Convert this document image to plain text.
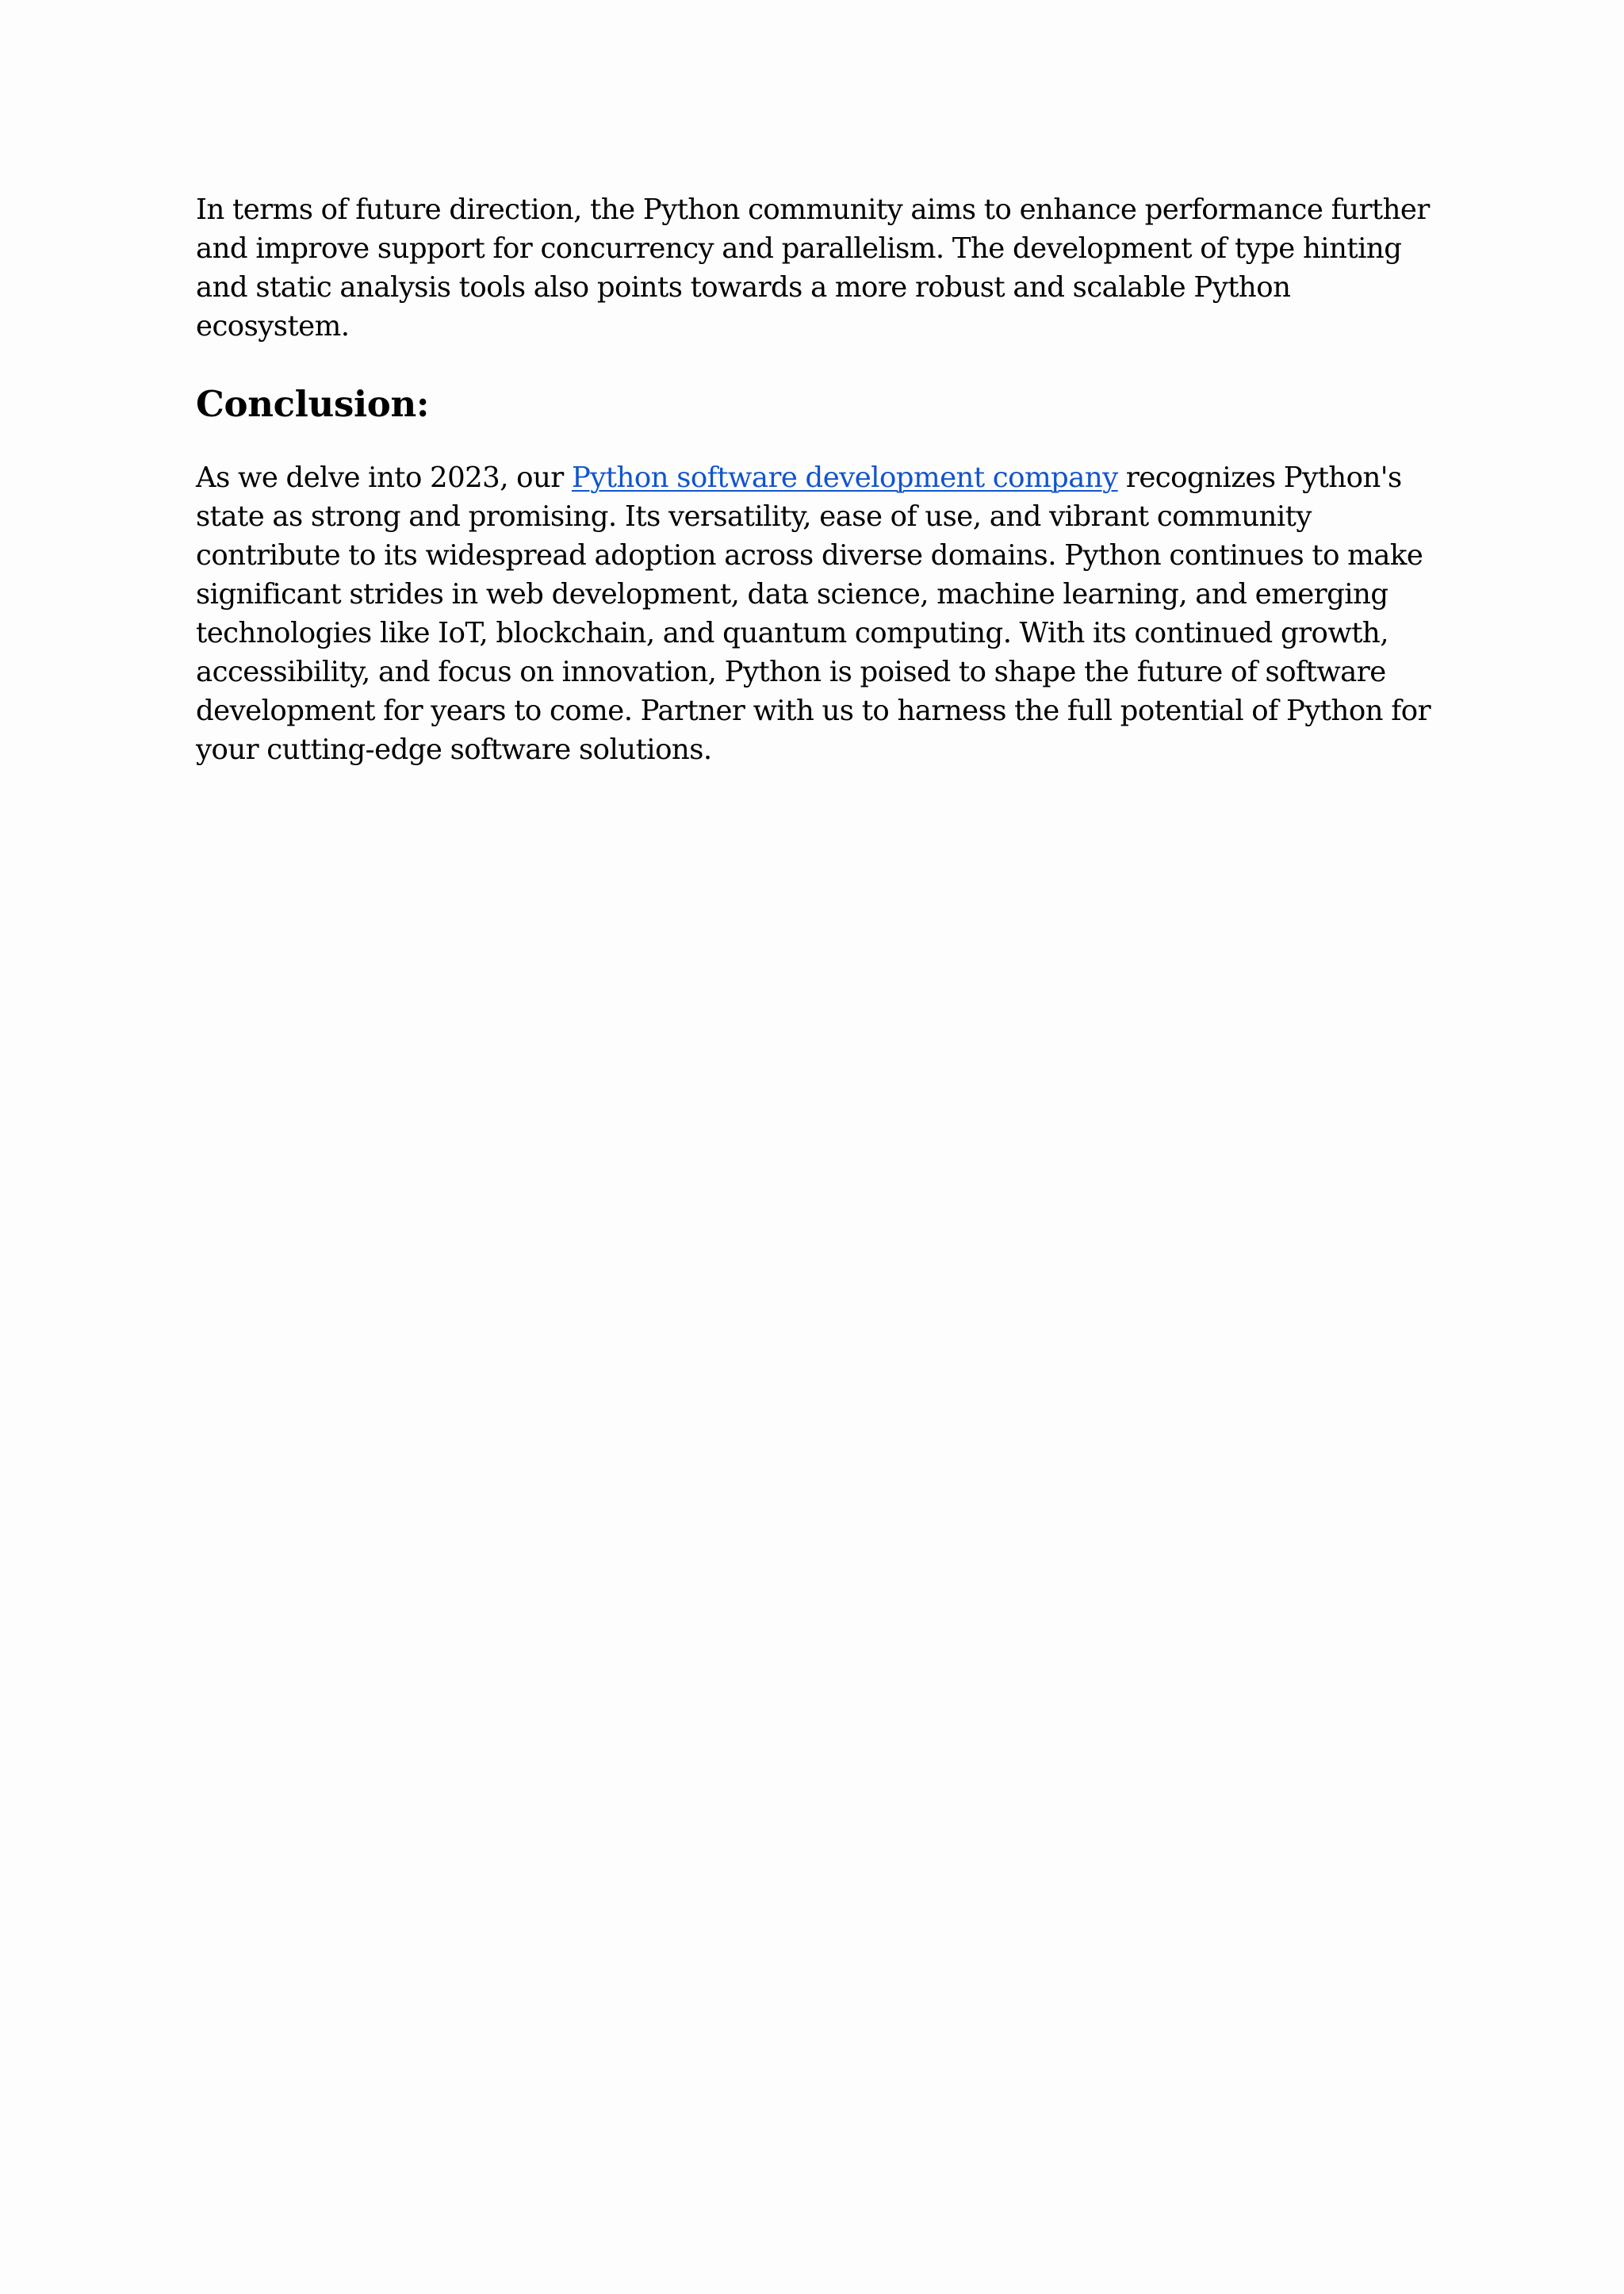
In terms of future direction, the Python community aims to enhance performance further and improve support for concurrency and parallelism. The development of type hinting and static analysis tools also points towards a more robust and scalable Python ecosystem.

Conclusion:

As we delve into 2023, our Python software development company recognizes Python's state as strong and promising. Its versatility, ease of use, and vibrant community contribute to its widespread adoption across diverse domains. Python continues to make significant strides in web development, data science, machine learning, and emerging technologies like IoT, blockchain, and quantum computing. With its continued growth, accessibility, and focus on innovation, Python is poised to shape the future of software development for years to come. Partner with us to harness the full potential of Python for your cutting-edge software solutions.
